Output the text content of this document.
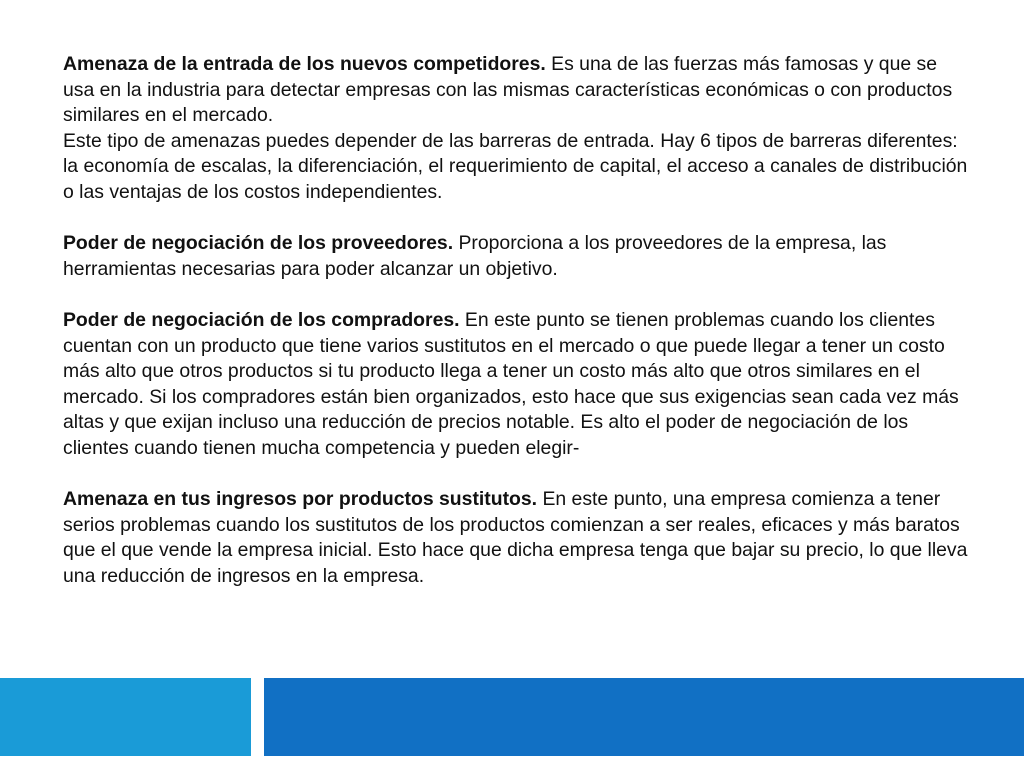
Amenaza de la entrada de los nuevos competidores. Es una de las fuerzas más famosas y que se usa en la industria para detectar empresas con las mismas características económicas o con productos similares en el mercado.
Este tipo de amenazas puedes depender de las barreras de entrada. Hay 6 tipos de barreras diferentes: la economía de escalas, la diferenciación, el requerimiento de capital, el acceso a canales de distribución o las ventajas de los costos independientes.

Poder de negociación de los proveedores. Proporciona a los proveedores de la empresa, las herramientas necesarias para poder alcanzar un objetivo.

Poder de negociación de los compradores. En este punto se tienen problemas cuando los clientes cuentan con un producto que tiene varios sustitutos en el mercado o que puede llegar a tener un costo más alto que otros productos si tu producto llega a tener un costo más alto que otros similares en el mercado. Si los compradores están bien organizados, esto hace que sus exigencias sean cada vez más altas y que exijan incluso una reducción de precios notable. Es alto el poder de negociación de los clientes cuando tienen mucha competencia y pueden elegir-

Amenaza en tus ingresos por productos sustitutos. En este punto, una empresa comienza a tener serios problemas cuando los sustitutos de los productos comienzan a ser reales, eficaces y más baratos que el que vende la empresa inicial. Esto hace que dicha empresa tenga que bajar su precio, lo que lleva una reducción de ingresos en la empresa.
